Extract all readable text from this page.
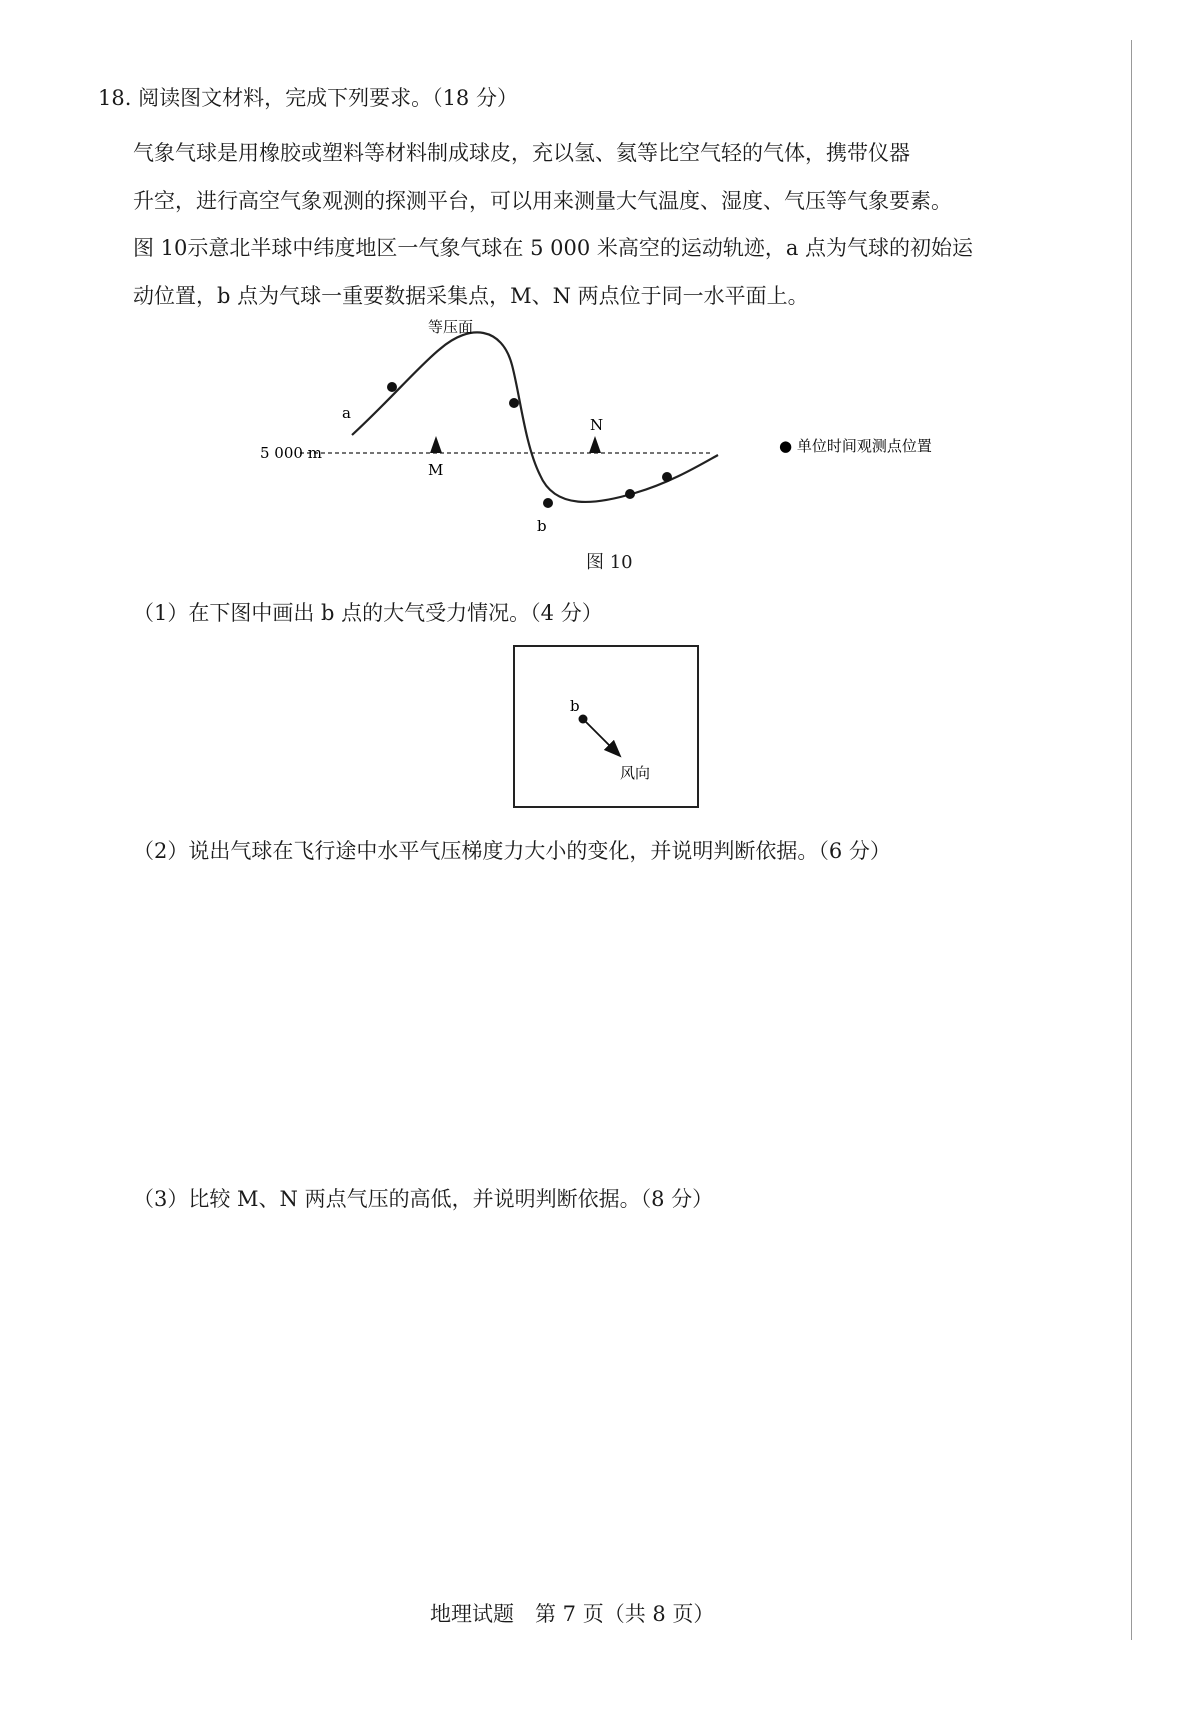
18. 阅读图文材料，完成下列要求。（18 分）
气象气球是用橡胶或塑料等材料制成球皮，充以氢、氦等比空气轻的气体，携带仪器
升空，进行高空气象观测的探测平台，可以用来测量大气温度、湿度、气压等气象要素。
图 10示意北半球中纬度地区一气象气球在 5 000 米高空的运动轨迹，a 点为气球的初始运
动位置，b 点为气球一重要数据采集点，M、N 两点位于同一水平面上。
5 000 m
等压面
a
b
M
N
● 单位时间观测点位置
图 10
（1）在下图中画出 b 点的大气受力情况。（4 分）
b
风向
（2）说出气球在飞行途中水平气压梯度力大小的变化，并说明判断依据。（6 分）
（3）比较 M、N 两点气压的高低，并说明判断依据。（8 分）
地理试题　第 7 页（共 8 页）
